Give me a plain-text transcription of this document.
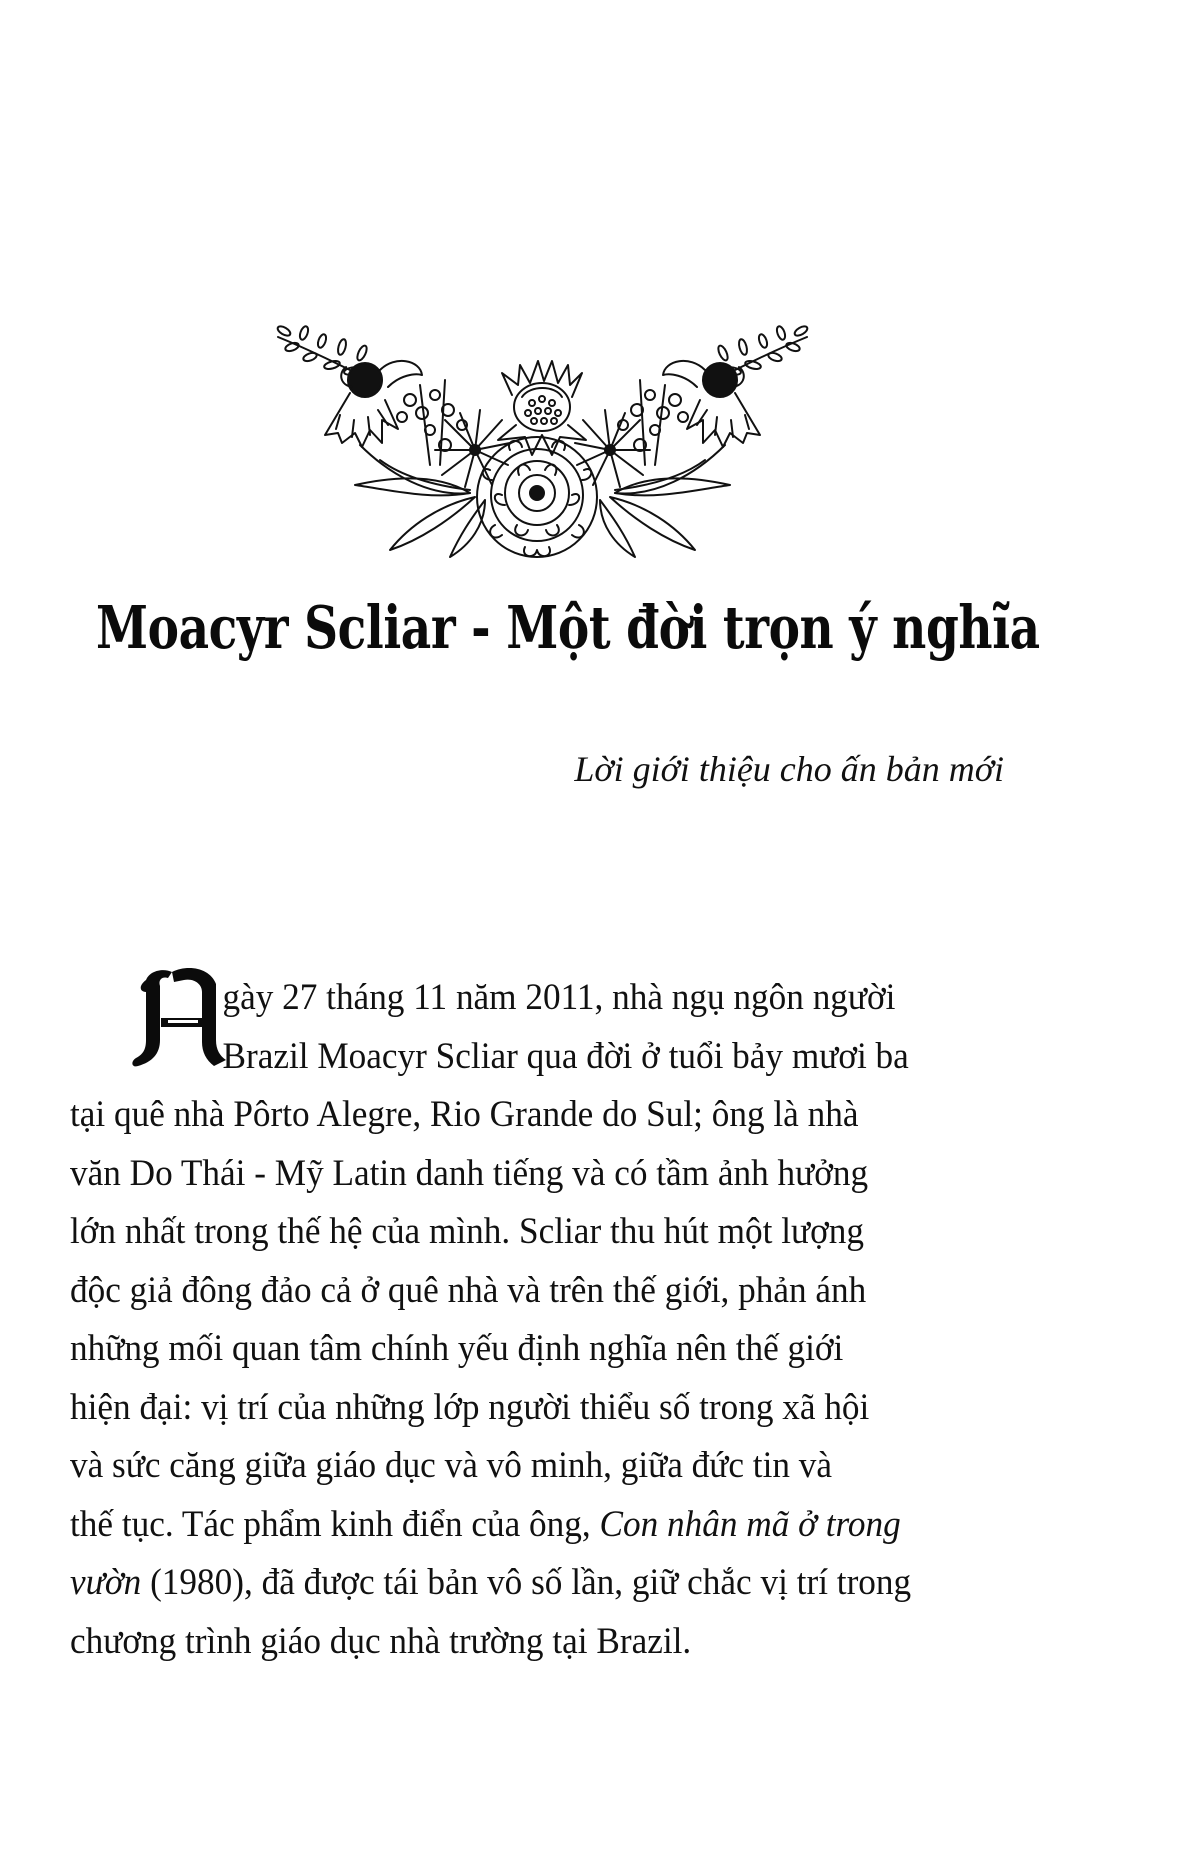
Moacyr Scliar - Một đời trọn ý nghĩa

Lời giới thiệu cho ấn bản mới

gày 27 tháng 11 năm 2011, nhà ngụ ngôn người
Brazil Moacyr Scliar qua đời ở tuổi bảy mươi ba
tại quê nhà Pôrto Alegre, Rio Grande do Sul; ông là nhà
văn Do Thái - Mỹ Latin danh tiếng và có tầm ảnh hưởng
lớn nhất trong thế hệ của mình. Scliar thu hút một lượng
độc giả đông đảo cả ở quê nhà và trên thế giới, phản ánh
những mối quan tâm chính yếu định nghĩa nên thế giới
hiện đại: vị trí của những lớp người thiểu số trong xã hội
và sức căng giữa giáo dục và vô minh, giữa đức tin và
thế tục. Tác phẩm kinh điển của ông, Con nhân mã ở trong
vườn (1980), đã được tái bản vô số lần, giữ chắc vị trí trong
chương trình giáo dục nhà trường tại Brazil.
